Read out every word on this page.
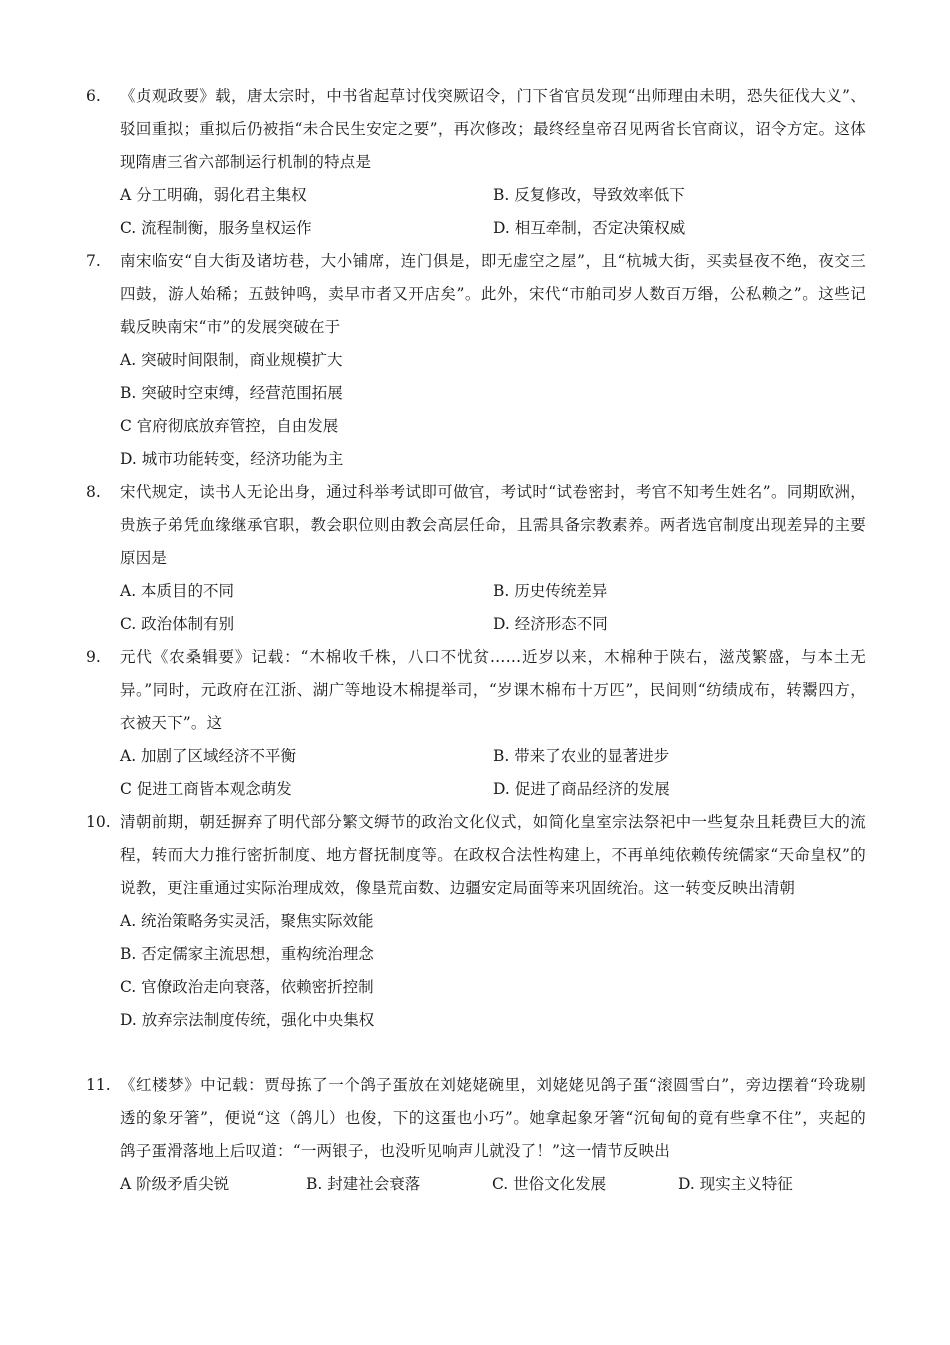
6.	《贞观政要》载，唐太宗时，中书省起草讨伐突厥诏令，门下省官员发现“出师理由未明，恐失征伐大义”、驳回重拟；重拟后仍被指“未合民生安定之要”，再次修改；最终经皇帝召见两省长官商议，诏令方定。这体现隋唐三省六部制运行机制的特点是
A 分工明确，弱化君主集权	B. 反复修改，导致效率低下
C. 流程制衡，服务皇权运作	D. 相互牵制，否定决策权威
7.	南宋临安“自大街及诸坊巷，大小铺席，连门俱是，即无虚空之屋”，且“杭城大街，买卖昼夜不绝，夜交三四鼓，游人始稀；五鼓钟鸣，卖早市者又开店矣”。此外，宋代“市舶司岁人数百万缗，公私赖之”。这些记载反映南宋“市”的发展突破在于
A. 突破时间限制，商业规模扩大
B. 突破时空束缚，经营范围拓展
C 官府彻底放弃管控，自由发展
D. 城市功能转变，经济功能为主
8.	宋代规定，读书人无论出身，通过科举考试即可做官，考试时“试卷密封，考官不知考生姓名”。同期欧洲，贵族子弟凭血缘继承官职，教会职位则由教会高层任命，且需具备宗教素养。两者选官制度出现差异的主要原因是
A. 本质目的不同	B. 历史传统差异
C. 政治体制有别	D. 经济形态不同
9.	元代《农桑辑要》记载：“木棉收千株，八口不忧贫……近岁以来，木棉种于陕右，滋茂繁盛，与本土无异。”同时，元政府在江浙、湖广等地设木棉提举司，“岁课木棉布十万匹”，民间则“纺绩成布，转鬻四方，衣被天下”。这
A. 加剧了区域经济不平衡	B. 带来了农业的显著进步
C 促进工商皆本观念萌发	D. 促进了商品经济的发展
10. 清朝前期，朝廷摒弃了明代部分繁文缛节的政治文化仪式，如简化皇室宗法祭祀中一些复杂且耗费巨大的流程，转而大力推行密折制度、地方督抚制度等。在政权合法性构建上，不再单纯依赖传统儒家“天命皇权”的说教，更注重通过实际治理成效，像垦荒亩数、边疆安定局面等来巩固统治。这一转变反映出清朝
A. 统治策略务实灵活，聚焦实际效能
B. 否定儒家主流思想，重构统治理念
C. 官僚政治走向衰落，依赖密折控制
D. 放弃宗法制度传统，强化中央集权
11. 《红楼梦》中记载：贾母拣了一个鸽子蛋放在刘姥姥碗里，刘姥姥见鸽子蛋“滚圆雪白”，旁边摆着“玲珑剔透的象牙箸”，便说“这（鸽儿）也俊，下的这蛋也小巧”。她拿起象牙箸“沉甸甸的竟有些拿不住”，夹起的鸽子蛋滑落地上后叹道：“一两银子，也没听见响声儿就没了！”这一情节反映出
A 阶级矛盾尖锐	B. 封建社会衰落	C. 世俗文化发展	D. 现实主义特征
